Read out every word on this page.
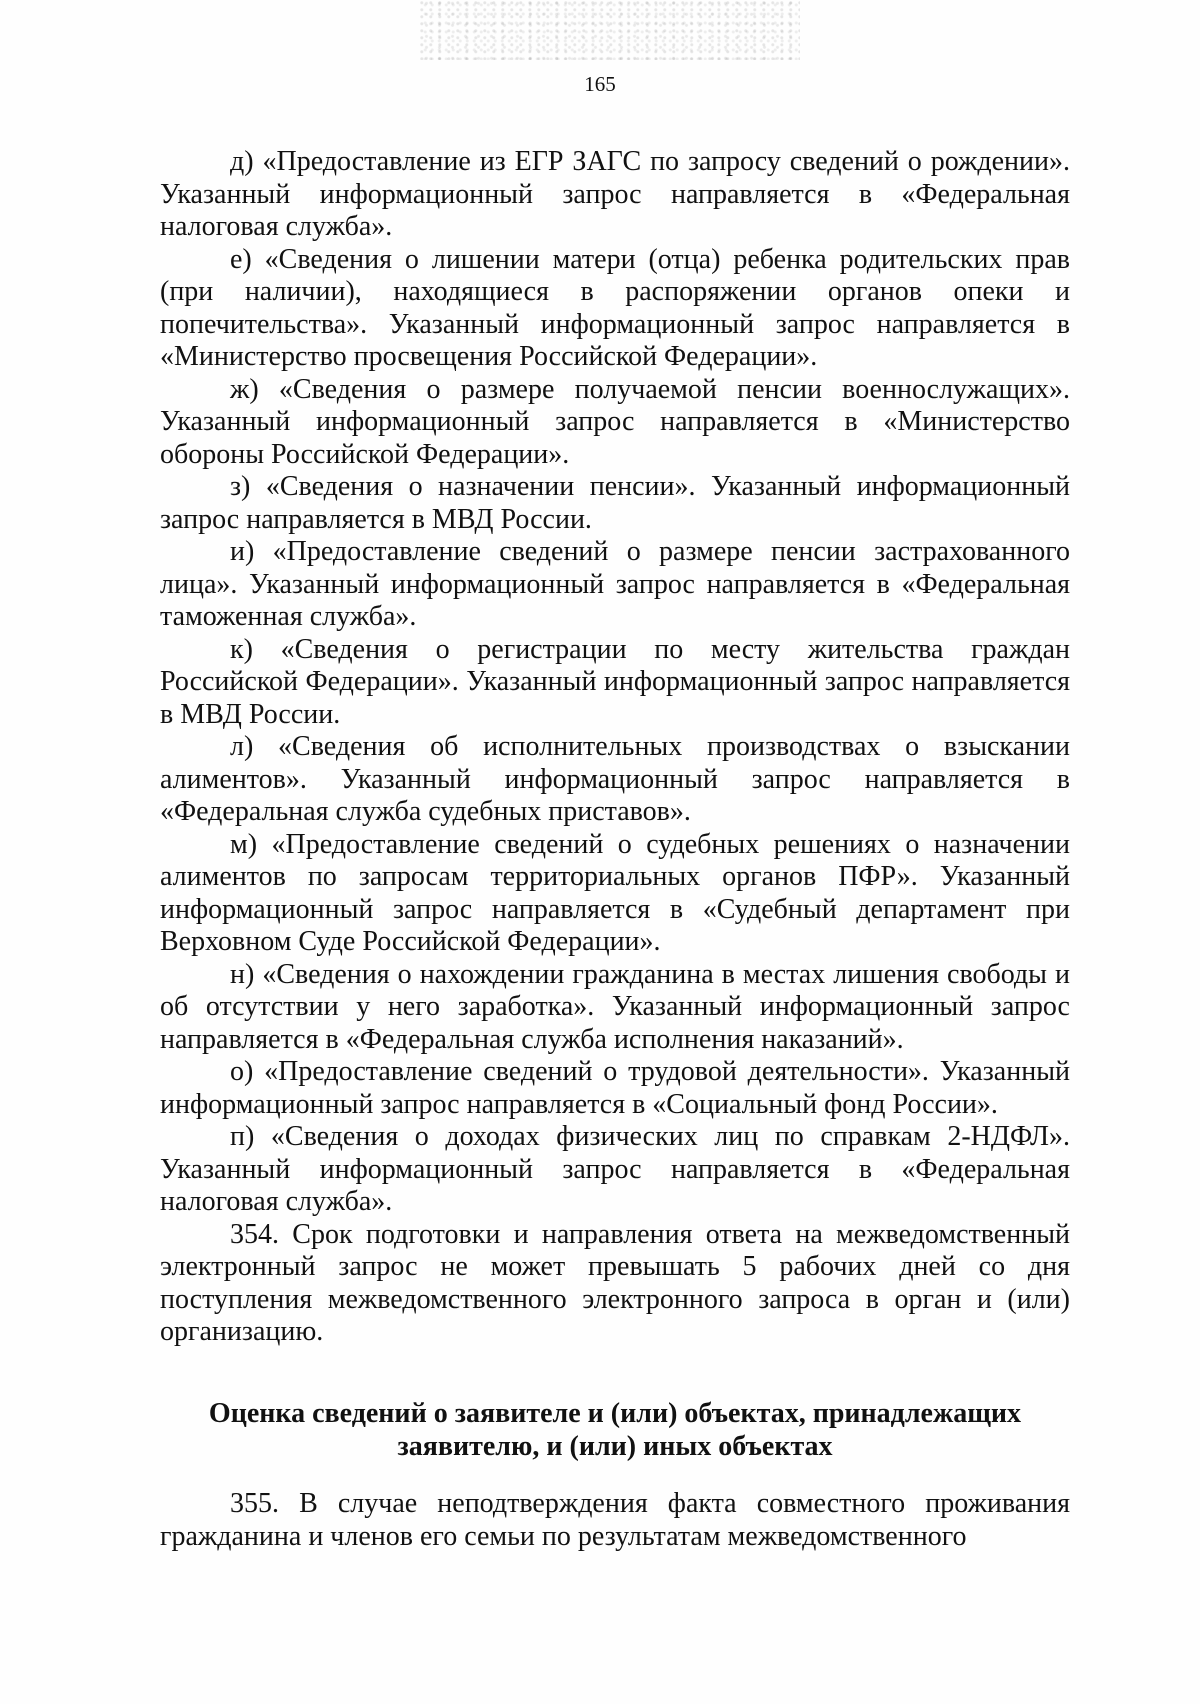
165

д) «Предоставление из ЕГР ЗАГС по запросу сведений о рождении». Указанный информационный запрос направляется в «Федеральная налоговая служба».

е) «Сведения о лишении матери (отца) ребенка родительских прав (при наличии), находящиеся в распоряжении органов опеки и попечительства». Указанный информационный запрос направляется в «Министерство просвещения Российской Федерации».

ж) «Сведения о размере получаемой пенсии военнослужащих». Указанный информационный запрос направляется в «Министерство обороны Российской Федерации».

з) «Сведения о назначении пенсии». Указанный информационный запрос направляется в МВД России.

и) «Предоставление сведений о размере пенсии застрахованного лица». Указанный информационный запрос направляется в «Федеральная таможенная служба».

к) «Сведения о регистрации по месту жительства граждан Российской Федерации». Указанный информационный запрос направляется в МВД России.

л) «Сведения об исполнительных производствах о взыскании алиментов». Указанный информационный запрос направляется в «Федеральная служба судебных приставов».

м) «Предоставление сведений о судебных решениях о назначении алиментов по запросам территориальных органов ПФР». Указанный информационный запрос направляется в «Судебный департамент при Верховном Суде Российской Федерации».

н) «Сведения о нахождении гражданина в местах лишения свободы и об отсутствии у него заработка». Указанный информационный запрос направляется в «Федеральная служба исполнения наказаний».

о) «Предоставление сведений о трудовой деятельности». Указанный информационный запрос направляется в «Социальный фонд России».

п) «Сведения о доходах физических лиц по справкам 2-НДФЛ». Указанный информационный запрос направляется в «Федеральная налоговая служба».

354. Срок подготовки и направления ответа на межведомственный электронный запрос не может превышать 5 рабочих дней со дня поступления межведомственного электронного запроса в орган и (или) организацию.

Оценка сведений о заявителе и (или) объектах, принадлежащих заявителю, и (или) иных объектах

355. В случае неподтверждения факта совместного проживания гражданина и членов его семьи по результатам межведомственного
